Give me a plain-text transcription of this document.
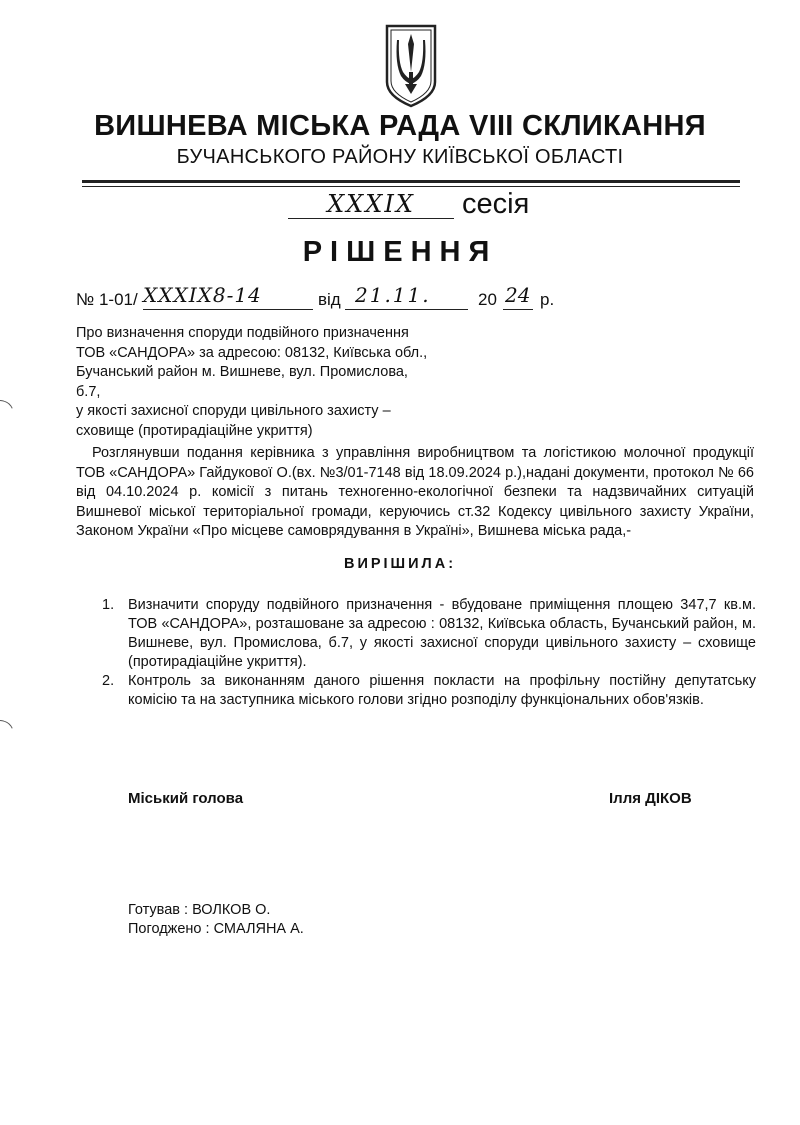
ВИШНЕВА МІСЬКА РАДА VIII СКЛИКАННЯ
БУЧАНСЬКОГО РАЙОНУ КИЇВСЬКОЇ ОБЛАСТІ
XXXIX	сесія
РІШЕННЯ
№ 1-01/ XXXIX8-14	від 21.11.	20 24 р.
Про визначення споруди подвійного призначення
ТОВ «САНДОРА» за адресою: 08132, Київська обл.,
Бучанський район м. Вишневе, вул. Промислова, б.7,
у якості захисної споруди цивільного захисту –
сховище (протирадіаційне укриття)
Розглянувши подання керівника з управління виробництвом та логістикою молочної продукції ТОВ «САНДОРА» Гайдукової О.(вх. №3/01-7148 від 18.09.2024 р.),надані документи, протокол № 66 від 04.10.2024 р. комісії з питань техногенно-екологічної безпеки та надзвичайних ситуацій Вишневої міської територіальної громади, керуючись ст.32 Кодексу цивільного захисту України, Законом України «Про місцеве самоврядування в Україні», Вишнева міська рада,-
ВИРІШИЛА:
1. Визначити споруду подвійного призначення - вбудоване приміщення площею 347,7 кв.м. ТОВ «САНДОРА», розташоване за адресою : 08132, Київська область, Бучанський район, м. Вишневе, вул. Промислова, б.7, у якості захисної споруди цивільного захисту – сховище (протирадіаційне укриття).
2. Контроль за виконанням даного рішення покласти на профільну постійну депутатську комісію та на заступника міського голови згідно розподілу функціональних обов'язків.
Міський голова	Ілля ДІКОВ
Готував : ВОЛКОВ О.
Погоджено : СМАЛЯНА А.
